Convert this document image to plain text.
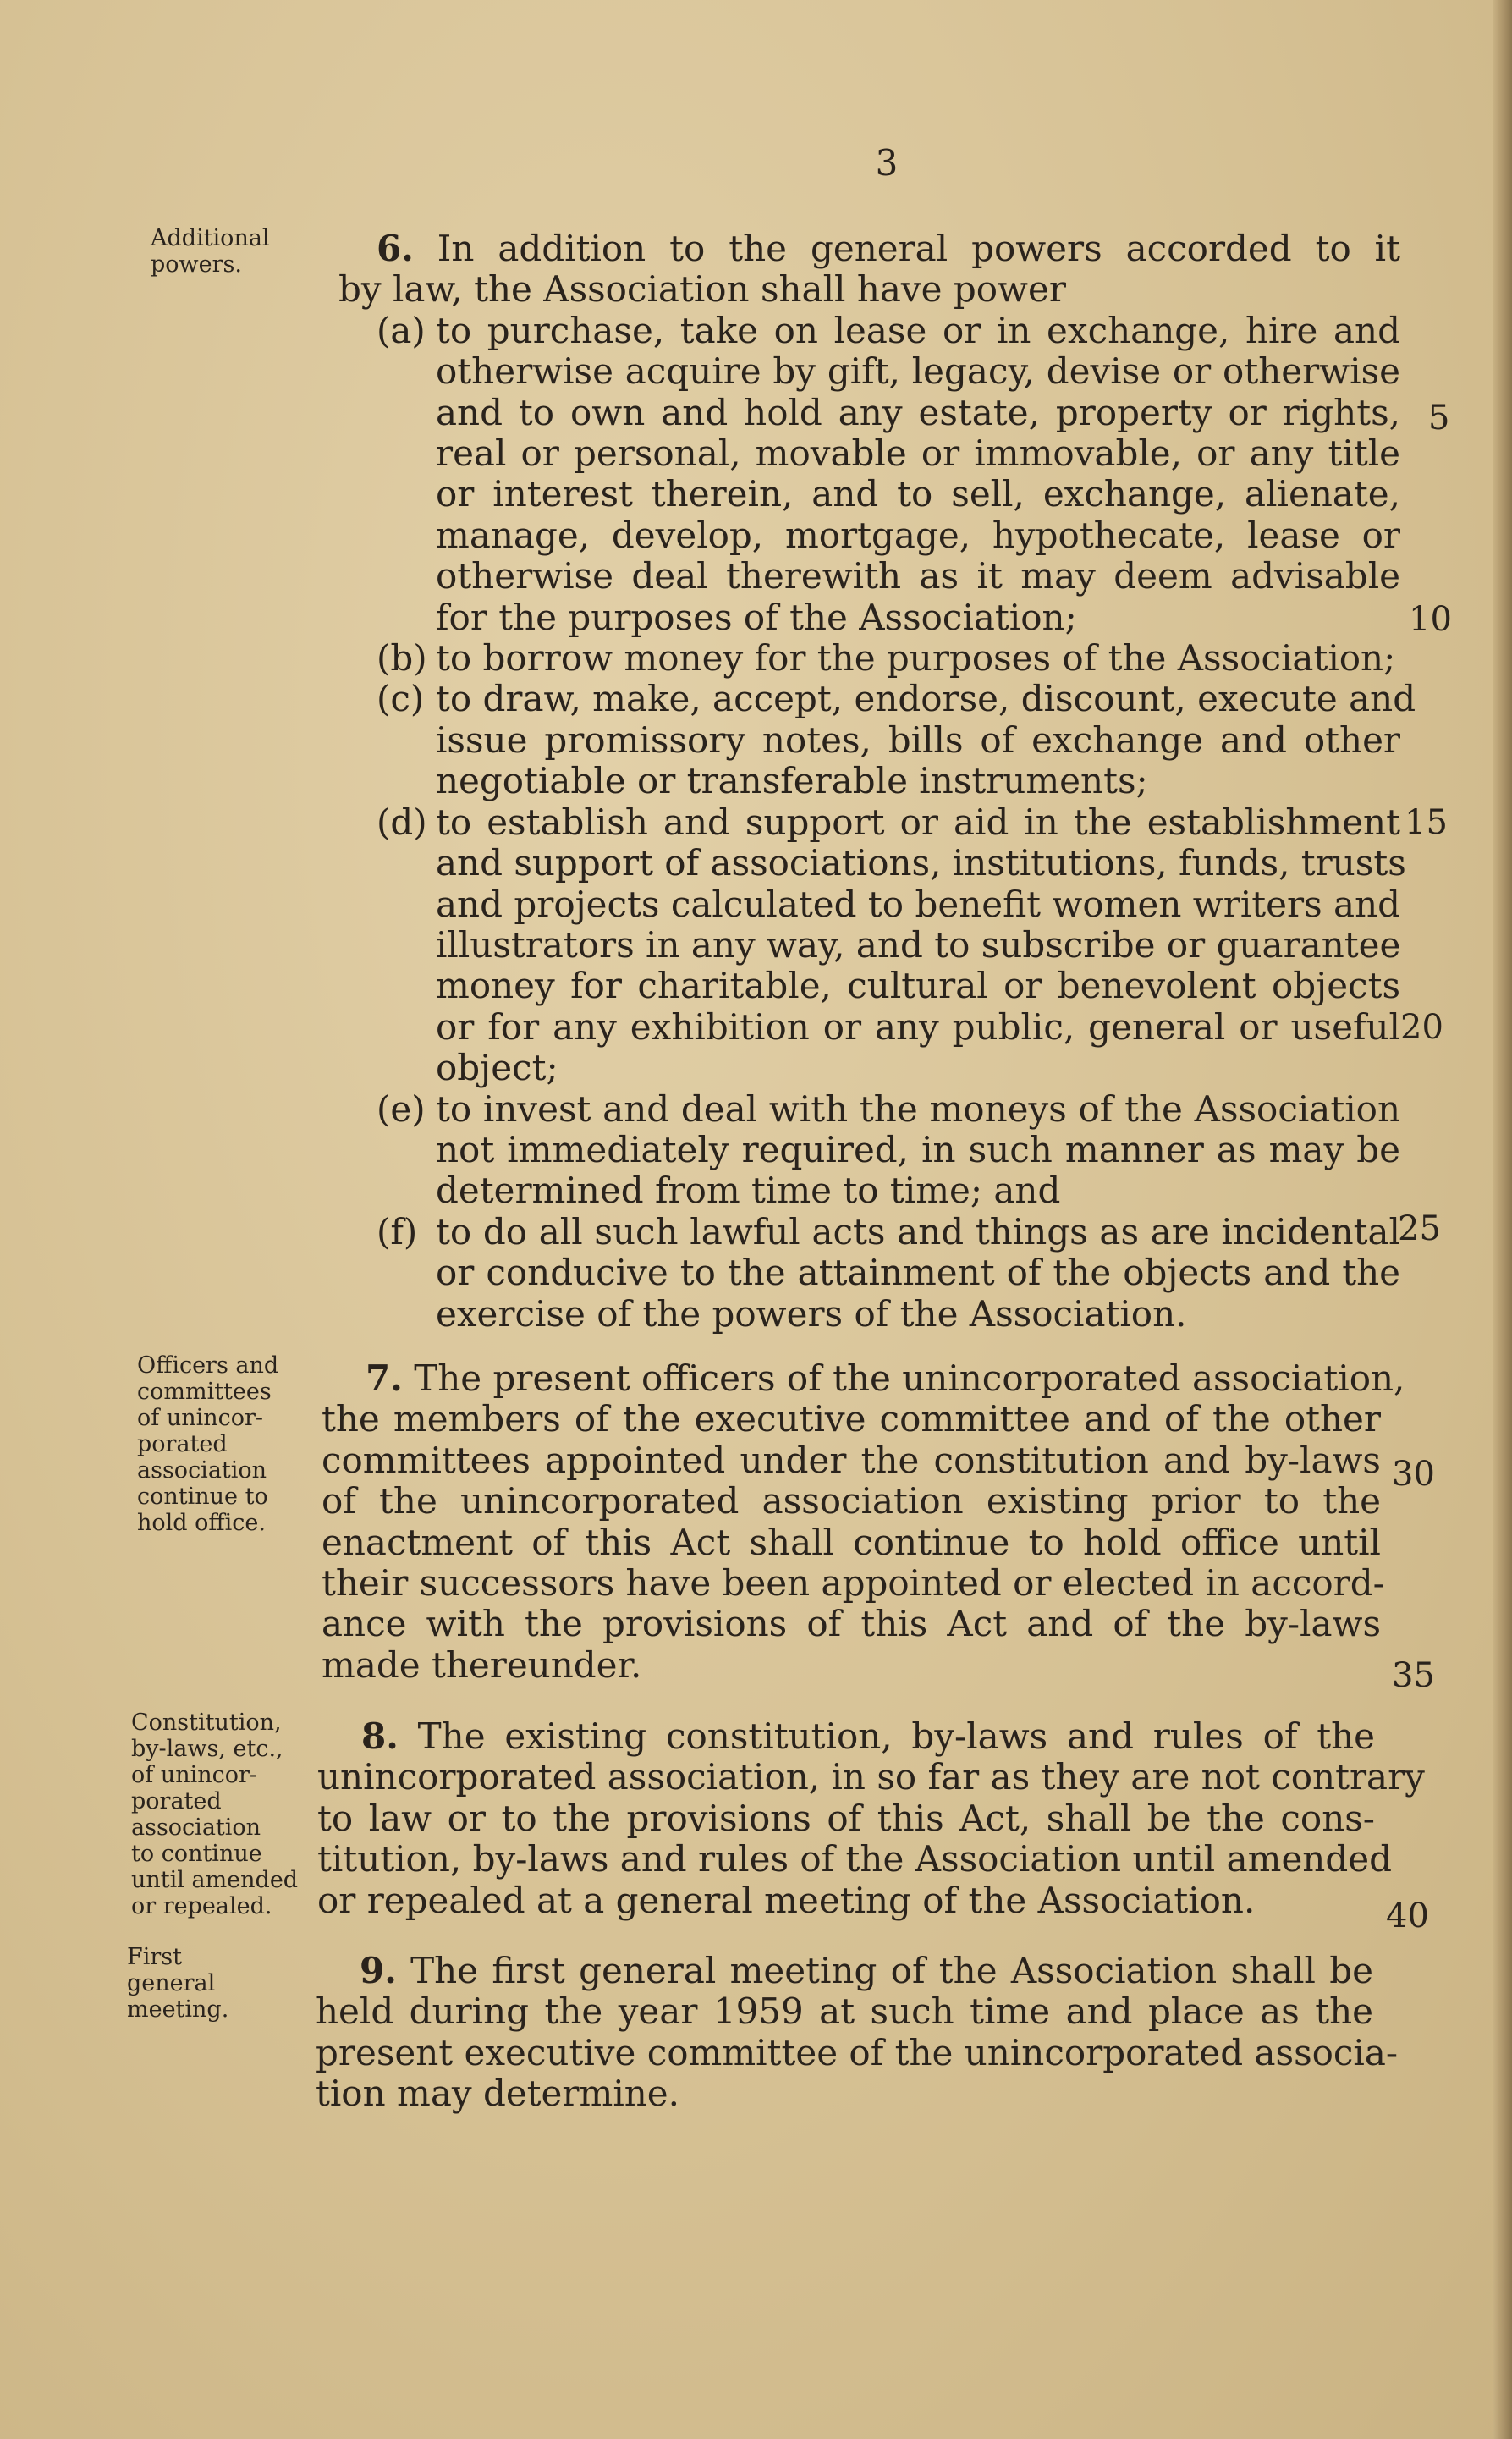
3
Additional
powers.
Officers and
committees
of unincor-
porated
association
continue to
hold office.
Constitution,
by-laws, etc.,
of unincor-
porated
association
to continue
until amended
or repealed.
First
general
meeting.
6. In addition to the general powers accorded to it
by law, the Association shall have power
(a) to purchase, take on lease or in exchange, hire and
otherwise acquire by gift, legacy, devise or otherwise
and to own and hold any estate, property or rights,
real or personal, movable or immovable, or any title
or interest therein, and to sell, exchange, alienate,
manage, develop, mortgage, hypothecate, lease or
otherwise deal therewith as it may deem advisable
for the purposes of the Association;
(b) to borrow money for the purposes of the Association;
(c) to draw, make, accept, endorse, discount, execute and
issue promissory notes, bills of exchange and other
negotiable or transferable instruments;
(d) to establish and support or aid in the establishment
and support of associations, institutions, funds, trusts
and projects calculated to benefit women writers and
illustrators in any way, and to subscribe or guarantee
money for charitable, cultural or benevolent objects
or for any exhibition or any public, general or useful
object;
(e) to invest and deal with the moneys of the Association
not immediately required, in such manner as may be
determined from time to time; and
(f) to do all such lawful acts and things as are incidental
or conducive to the attainment of the objects and the
exercise of the powers of the Association.
7. The present officers of the unincorporated association,
the members of the executive committee and of the other
committees appointed under the constitution and by-laws
of the unincorporated association existing prior to the
enactment of this Act shall continue to hold office until
their successors have been appointed or elected in accord-
ance with the provisions of this Act and of the by-laws
made thereunder.
8. The existing constitution, by-laws and rules of the
unincorporated association, in so far as they are not contrary
to law or to the provisions of this Act, shall be the cons-
titution, by-laws and rules of the Association until amended
or repealed at a general meeting of the Association.
9. The first general meeting of the Association shall be
held during the year 1959 at such time and place as the
present executive committee of the unincorporated associa-
tion may determine.
5
10
15
20
25
30
35
40
